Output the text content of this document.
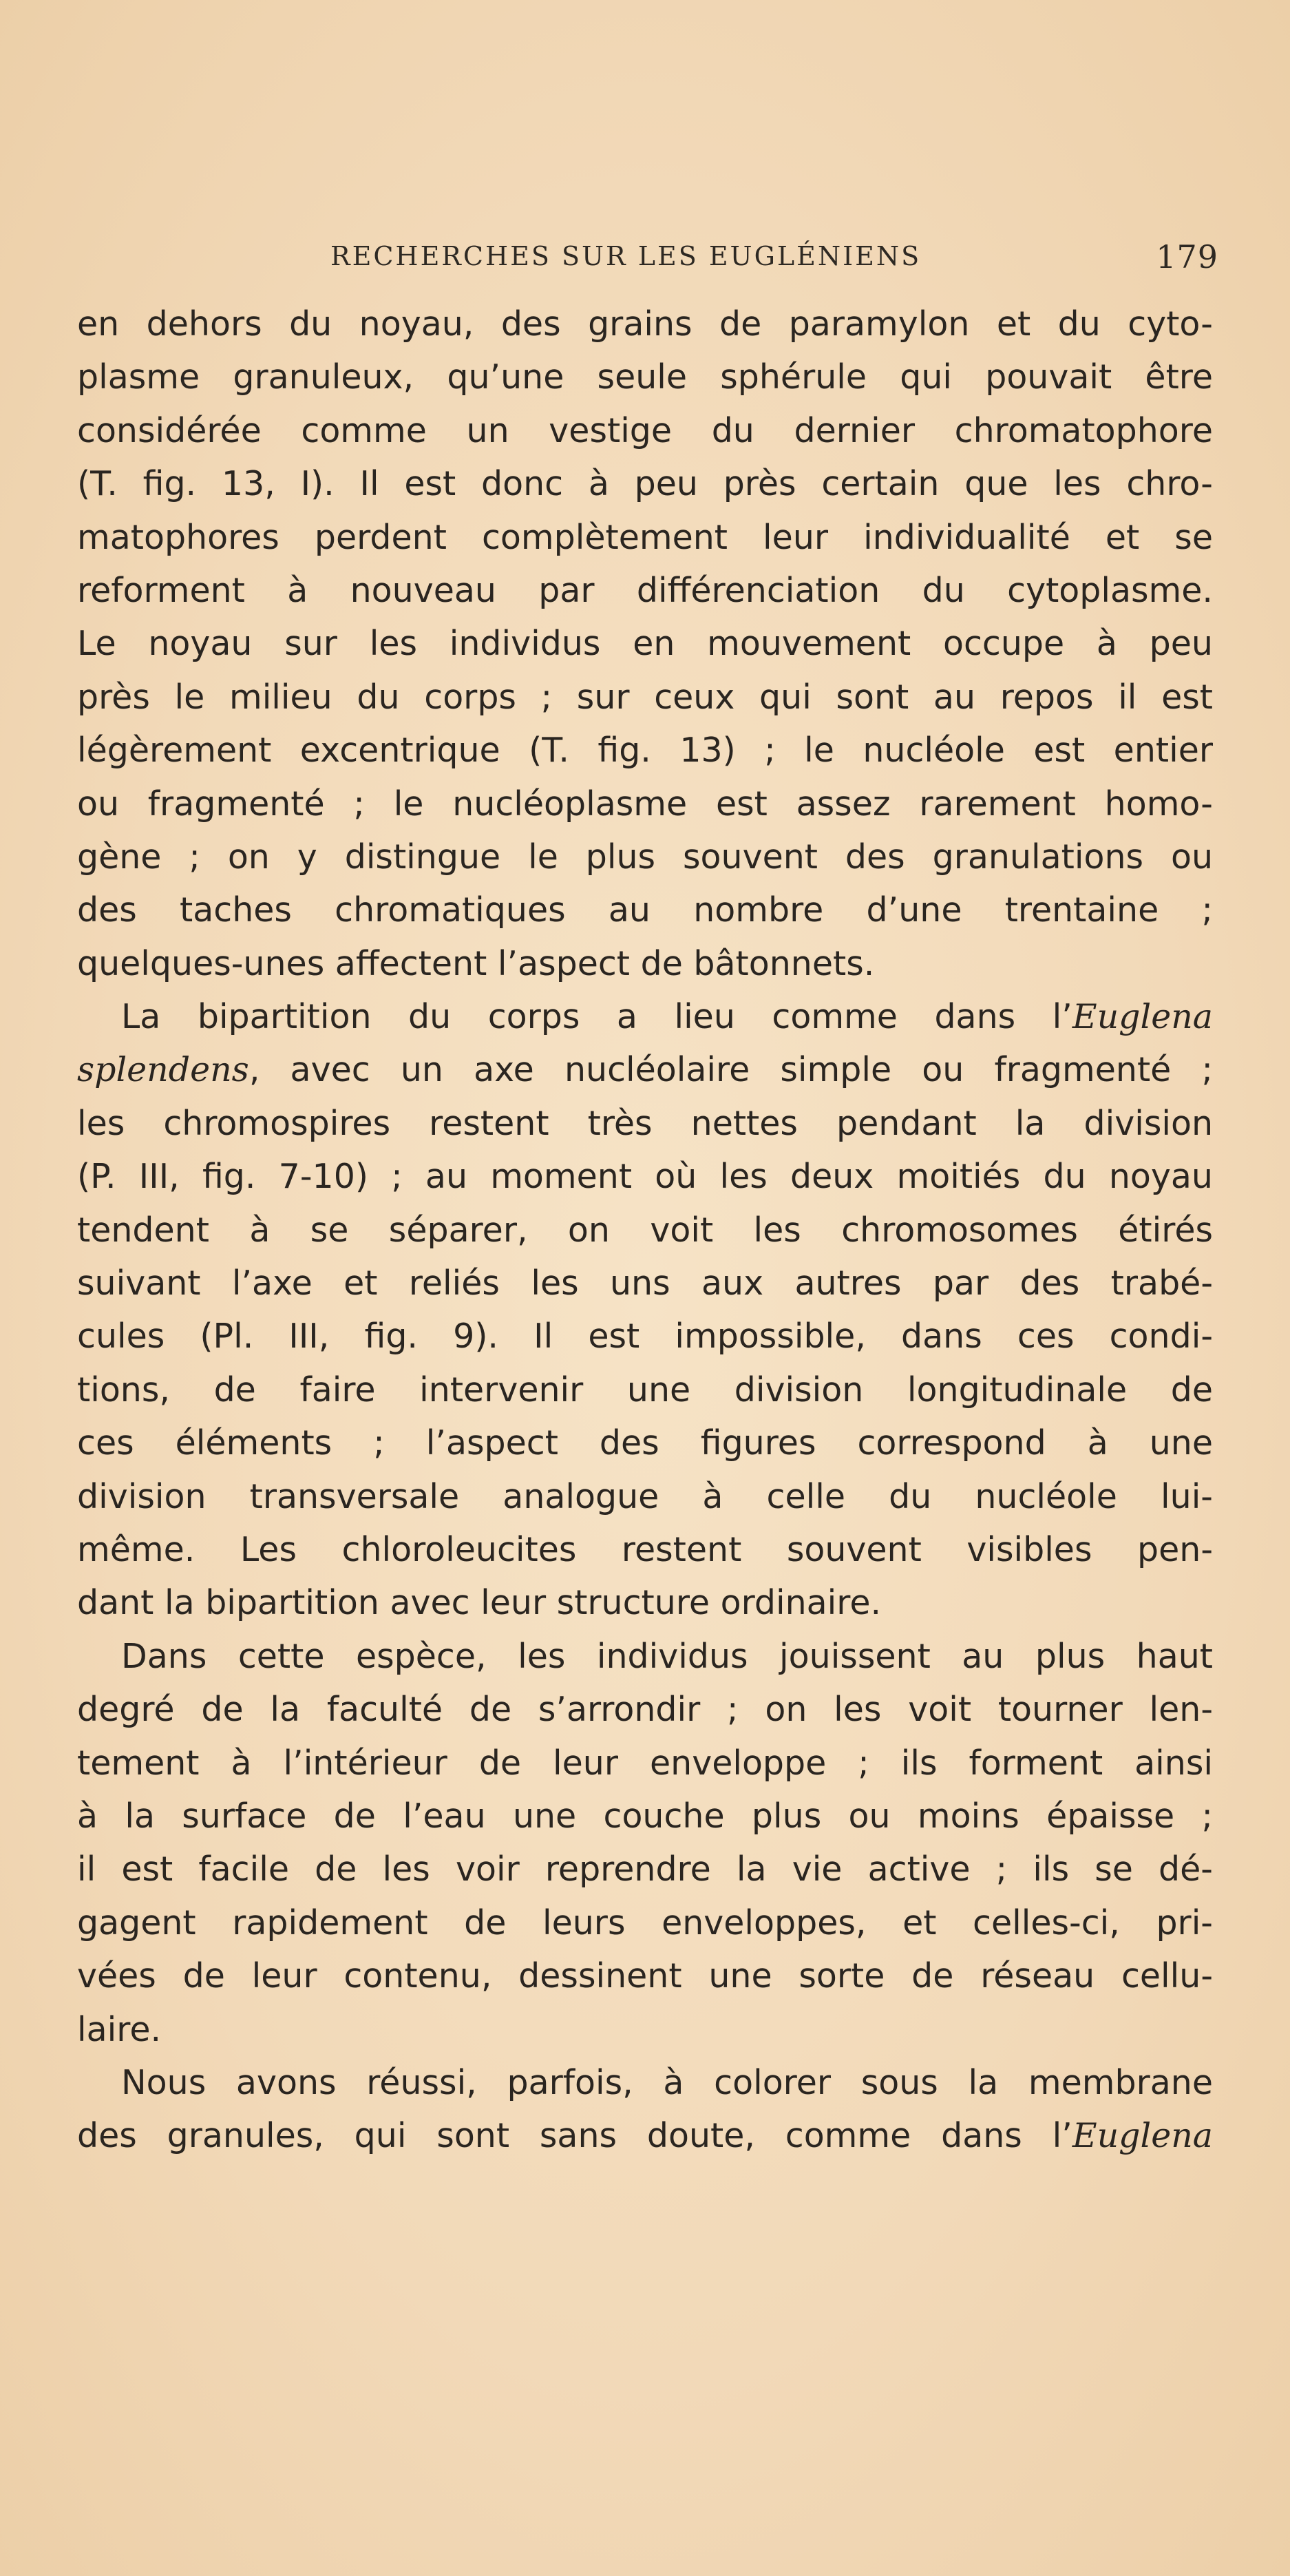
RECHERCHES SUR LES EUGLÉNIENS	179
en dehors du noyau, des grains de paramylon et du cyto-
plasme granuleux, qu’une seule sphérule qui pouvait être
considérée comme un vestige du dernier chromatophore
(T. fig. 13, I). Il est donc à peu près certain que les chro-
matophores perdent complètement leur individualité et se
reforment à nouveau par différenciation du cytoplasme.
Le noyau sur les individus en mouvement occupe à peu
près le milieu du corps ; sur ceux qui sont au repos il est
légèrement excentrique (T. fig. 13) ; le nucléole est entier
ou fragmenté ; le nucléoplasme est assez rarement homo-
gène ; on y distingue le plus souvent des granulations ou
des taches chromatiques au nombre d’une trentaine ;
quelques-unes affectent l’aspect de bâtonnets.
La bipartition du corps a lieu comme dans l’Euglena
splendens, avec un axe nucléolaire simple ou fragmenté ;
les chromospires restent très nettes pendant la division
(P. III, fig. 7-10) ; au moment où les deux moitiés du noyau
tendent à se séparer, on voit les chromosomes étirés
suivant l’axe et reliés les uns aux autres par des trabé-
cules (Pl. III, fig. 9). Il est impossible, dans ces condi-
tions, de faire intervenir une division longitudinale de
ces éléments ; l’aspect des figures correspond à une
division transversale analogue à celle du nucléole lui-
même. Les chloroleucites restent souvent visibles pen-
dant la bipartition avec leur structure ordinaire.
Dans cette espèce, les individus jouissent au plus haut
degré de la faculté de s’arrondir ; on les voit tourner len-
tement à l’intérieur de leur enveloppe ; ils forment ainsi
à la surface de l’eau une couche plus ou moins épaisse ;
il est facile de les voir reprendre la vie active ; ils se dé-
gagent rapidement de leurs enveloppes, et celles-ci, pri-
vées de leur contenu, dessinent une sorte de réseau cellu-
laire.
Nous avons réussi, parfois, à colorer sous la membrane
des granules, qui sont sans doute, comme dans l’Euglena
